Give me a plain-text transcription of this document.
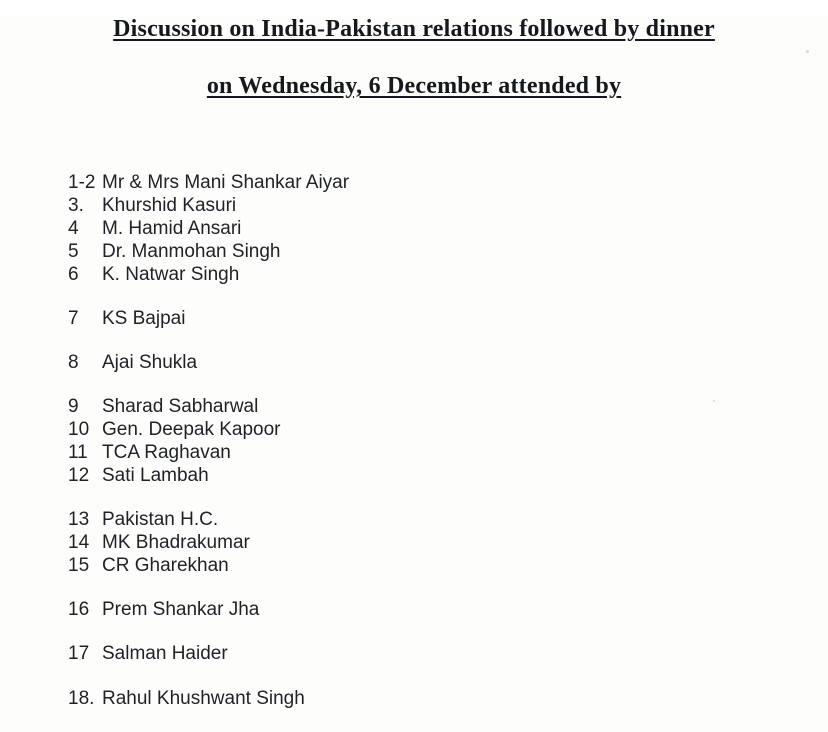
Discussion on India-Pakistan relations followed by dinner
on Wednesday, 6 December attended by
1-2 Mr & Mrs Mani Shankar Aiyar
3. Khurshid Kasuri
4	M. Hamid Ansari
5	Dr. Manmohan Singh
6	K. Natwar Singh
7	KS Bajpai
8	Ajai Shukla
9	Sharad Sabharwal
10 Gen. Deepak Kapoor
11 TCA Raghavan
12 Sati Lambah
13 Pakistan H.C.
14 MK Bhadrakumar
15 CR Gharekhan
16 Prem Shankar Jha
17 Salman Haider
18. Rahul Khushwant Singh
